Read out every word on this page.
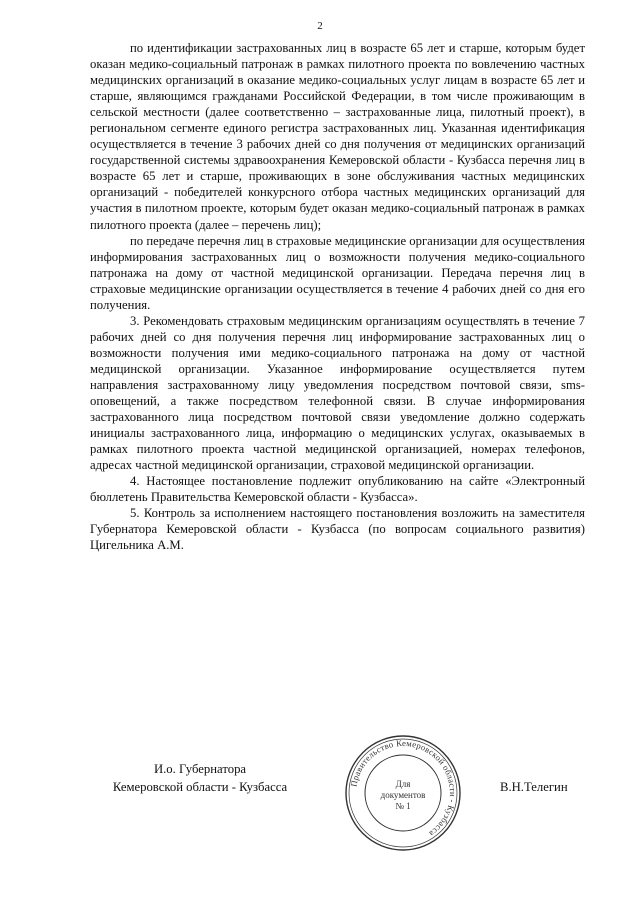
2

по идентификации застрахованных лиц в возрасте 65 лет и старше, которым будет оказан медико-социальный патронаж в рамках пилотного проекта по вовлечению частных медицинских организаций в оказание медико-социальных услуг лицам в возрасте 65 лет и старше, являющимся гражданами Российской Федерации, в том числе проживающим в сельской местности (далее соответственно – застрахованные лица, пилотный проект), в региональном сегменте единого регистра застрахованных лиц. Указанная идентификация осуществляется в течение 3 рабочих дней со дня получения от медицинских организаций государственной системы здравоохранения Кемеровской области - Кузбасса перечня лиц в возрасте 65 лет и старше, проживающих в зоне обслуживания частных медицинских организаций - победителей конкурсного отбора частных медицинских организаций для участия в пилотном проекте, которым будет оказан медико-социальный патронаж в рамках пилотного проекта (далее – перечень лиц);

по передаче перечня лиц в страховые медицинские организации для осуществления информирования застрахованных лиц о возможности получения медико-социального патронажа на дому от частной медицинской организации. Передача перечня лиц в страховые медицинские организации осуществляется в течение 4 рабочих дней со дня его получения.

3. Рекомендовать страховым медицинским организациям осуществлять в течение 7 рабочих дней со дня получения перечня лиц информирование застрахованных лиц о возможности получения ими медико-социального патронажа на дому от частной медицинской организации. Указанное информирование осуществляется путем направления застрахованному лицу уведомления посредством почтовой связи, sms-оповещений, а также посредством телефонной связи. В случае информирования застрахованного лица посредством почтовой связи уведомление должно содержать инициалы застрахованного лица, информацию о медицинских услугах, оказываемых в рамках пилотного проекта частной медицинской организацией, номерах телефонов, адресах частной медицинской организации, страховой медицинской организации.

4. Настоящее постановление подлежит опубликованию на сайте «Электронный бюллетень Правительства Кемеровской области - Кузбасса».

5. Контроль за исполнением настоящего постановления возложить на заместителя Губернатора Кемеровской области - Кузбасса (по вопросам социального развития) Цигельника А.М.

И.о. Губернатора
Кемеровской области - Кузбасса	Правительство Кемеровской области - Кузбасса
Для
документов
№ 1
В.Н.Телегин
